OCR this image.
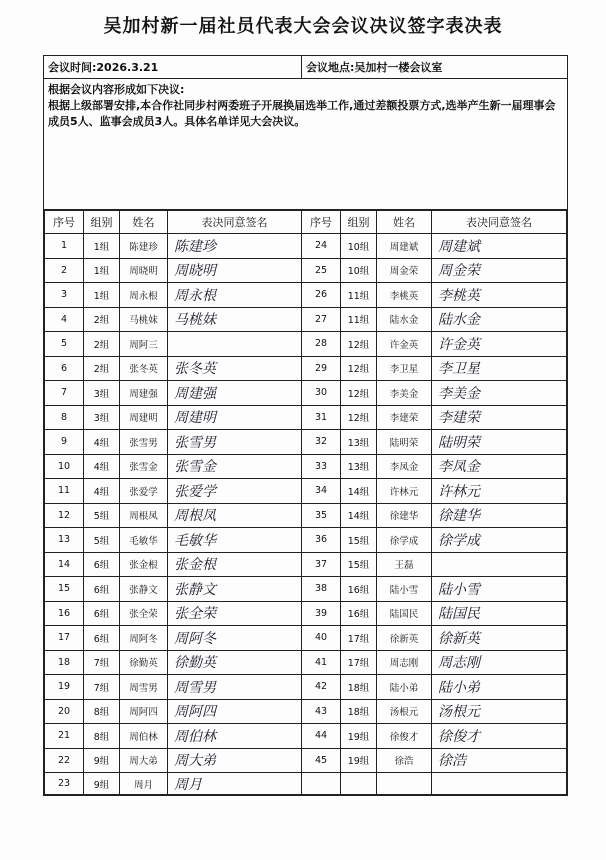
吴加村新一届社员代表大会会议决议签字表决表
会议时间:2026.3.21	会议地点:吴加村一楼会议室
根据会议内容形成如下决议:
根据上级部署安排,本合作社同步村两委班子开展换届选举工作,通过差额投票方式,选举产生新一届理事会成员5人、监事会成员3人。具体名单详见大会决议。
序号	组别	姓名	表决同意签名	序号	组别	姓名	表决同意签名
1	1组	陈建珍	陈建珍	24	10组	周建斌	周建斌
2	1组	周晓明	周晓明	25	10组	周金荣	周金荣
3	1组	周永根	周永根	26	11组	李桃英	李桃英
4	2组	马桃妹	马桃妹	27	11组	陆水金	陆水金
5	2组	周阿三		28	12组	许金英	许金英
6	2组	张冬英	张冬英	29	12组	李卫星	李卫星
7	3组	周建强	周建强	30	12组	李美金	李美金
8	3组	周建明	周建明	31	12组	李建荣	李建荣
9	4组	张雪男	张雪男	32	13组	陆明荣	陆明荣
10	4组	张雪金	张雪金	33	13组	李凤金	李凤金
11	4组	张爱学	张爱学	34	14组	许林元	许林元
12	5组	周根凤	周根凤	35	14组	徐建华	徐建华
13	5组	毛敏华	毛敏华	36	15组	徐学成	徐学成
14	6组	张金根	张金根	37	15组	王磊	
15	6组	张静文	张静文	38	16组	陆小雪	陆小雪
16	6组	张全荣	张全荣	39	16组	陆国民	陆国民
17	6组	周阿冬	周阿冬	40	17组	徐新英	徐新英
18	7组	徐勤英	徐勤英	41	17组	周志刚	周志刚
19	7组	周雪男	周雪男	42	18组	陆小弟	陆小弟
20	8组	周阿四	周阿四	43	18组	汤根元	汤根元
21	8组	周伯林	周伯林	44	19组	徐俊才	徐俊才
22	9组	周大弟	周大弟	45	19组	徐浩	徐浩
23	9组	周月	周月				
